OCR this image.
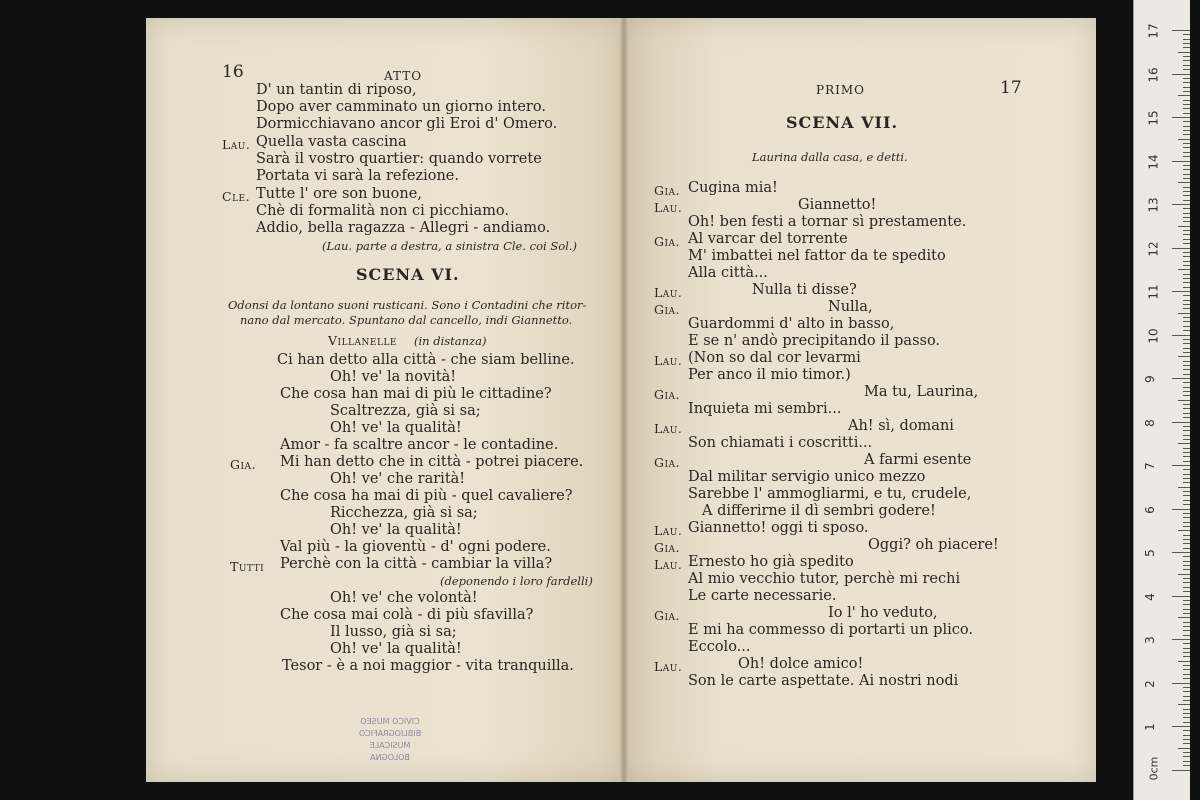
16	ATTO
D' un tantin di riposo,
Dopo aver camminato un giorno intero.
Dormicchiavano ancor gli Eroi d' Omero.
Lau. Quella vasta cascina
Sarà il vostro quartier: quando vorrete
Portata vi sarà la refezione.
Cle. Tutte l' ore son buone,
Chè di formalità non ci picchiamo.
Addio, bella ragazza - Allegri - andiamo.
(Lau. parte a destra, a sinistra Cle. coi Sol.)
SCENA VI.
Odonsi da lontano suoni rusticani. Sono i Contadini che ritor-
nano dal mercato. Spuntano dal cancello, indi Giannetto.
Villanelle (in distanza)
Ci han detto alla città - che siam belline.
Oh! ve' la novità!
Che cosa han mai di più le cittadine?
Scaltrezza, già si sa;
Oh! ve' la qualità!
Amor - fa scaltre ancor - le contadine.
Gia. Mi han detto che in città - potrei piacere.
Oh! ve' che rarità!
Che cosa ha mai di più - quel cavaliere?
Ricchezza, già si sa;
Oh! ve' la qualità!
Val più - la gioventù - d' ogni podere.
Tutti Perchè con la città - cambiar la villa?
(deponendo i loro fardelli)
Oh! ve' che volontà!
Che cosa mai colà - di più sfavilla?
Il lusso, già si sa;
Oh! ve' la qualità!
Tesor - è a noi maggior - vita tranquilla.
CIVICO MUSEO
BIBLIOGRAFICO MUSICALE
BOLOGNA
PRIMO	17
SCENA VII.
Laurina dalla casa, e detti.
Gia. Cugina mia!
Lau.	Giannetto!
Oh! ben festi a tornar sì prestamente.
Gia. Al varcar del torrente
M' imbattei nel fattor da te spedito
Alla città...
Lau.	Nulla ti disse?
Gia.	Nulla,
Guardommi d' alto in basso,
E se n' andò precipitando il passo.
Lau. (Non so dal cor levarmi
Per anco il mio timor.)
Gia.	Ma tu, Laurina,
Inquieta mi sembri...
Lau.	Ah! sì, domani
Son chiamati i coscritti...
Gia.	A farmi esente
Dal militar servigio unico mezzo
Sarebbe l' ammogliarmi, e tu, crudele,
A differirne il dì sembri godere!
Lau. Giannetto! oggi ti sposo.
Gia.	Oggi? oh piacere!
Lau. Ernesto ho già spedito
Al mio vecchio tutor, perchè mi rechi
Le carte necessarie.
Gia.	Io l' ho veduto,
E mi ha commesso di portarti un plico.
Eccolo...
Lau.	Oh! dolce amico!
Son le carte aspettate. Ai nostri nodi
0cm
17
16
15
14
13
12
11
10
9
8
7
6
5
4
3
2
1
